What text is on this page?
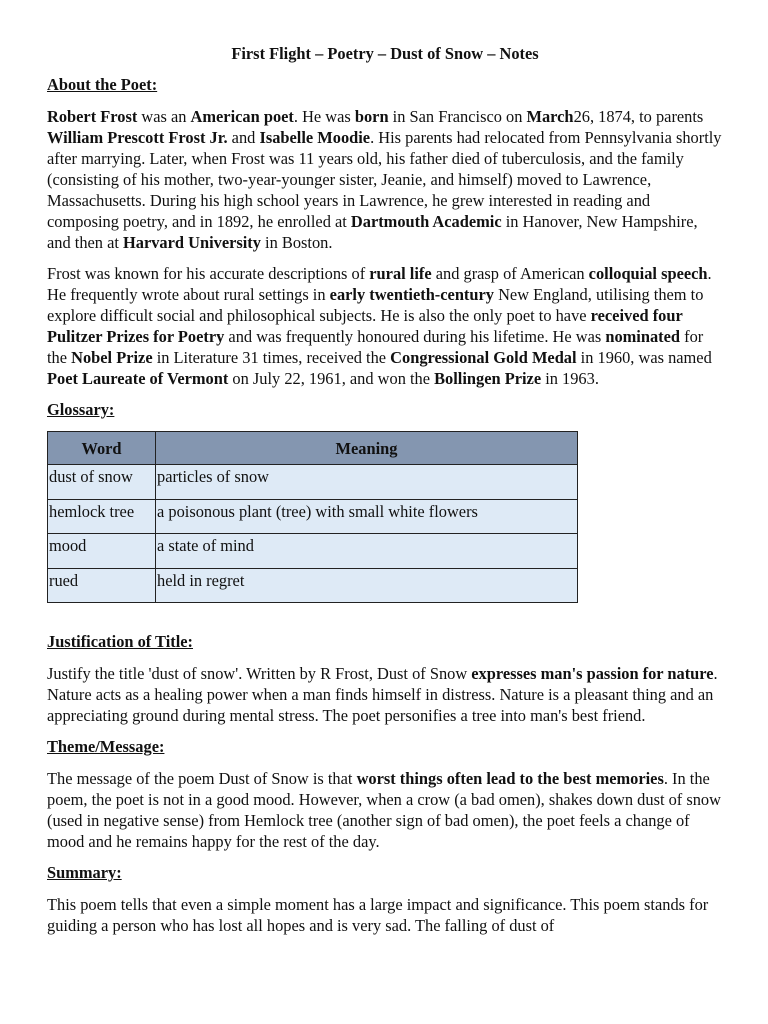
First Flight – Poetry – Dust of Snow – Notes
About the Poet:

Robert Frost was an American poet. He was born in San Francisco on March26, 1874, to parents William Prescott Frost Jr. and Isabelle Moodie. His parents had relocated from Pennsylvania shortly after marrying. Later, when Frost was 11 years old, his father died of tuberculosis, and the family (consisting of his mother, two-year-younger sister, Jeanie, and himself) moved to Lawrence, Massachusetts. During his high school years in Lawrence, he grew interested in reading and composing poetry, and in 1892, he enrolled at Dartmouth Academic in Hanover, New Hampshire, and then at Harvard University in Boston.

Frost was known for his accurate descriptions of rural life and grasp of American colloquial speech. He frequently wrote about rural settings in early twentieth-century New England, utilising them to explore difficult social and philosophical subjects. He is also the only poet to have received four Pulitzer Prizes for Poetry and was frequently honoured during his lifetime. He was nominated for the Nobel Prize in Literature 31 times, received the Congressional Gold Medal in 1960, was named Poet Laureate of Vermont on July 22, 1961, and won the Bollingen Prize in 1963.

Glossary:
Word	Meaning
dust of snow	particles of snow
hemlock tree	a poisonous plant (tree) with small white flowers
mood	a state of mind
rued	held in regret
Justification of Title:

Justify the title 'dust of snow'. Written by R Frost, Dust of Snow expresses man's passion for nature. Nature acts as a healing power when a man finds himself in distress. Nature is a pleasant thing and an appreciating ground during mental stress. The poet personifies a tree into man's best friend.

Theme/Message:

The message of the poem Dust of Snow is that worst things often lead to the best memories. In the poem, the poet is not in a good mood. However, when a crow (a bad omen), shakes down dust of snow (used in negative sense) from Hemlock tree (another sign of bad omen), the poet feels a change of mood and he remains happy for the rest of the day.

Summary:

This poem tells that even a simple moment has a large impact and significance. This poem stands for guiding a person who has lost all hopes and is very sad. The falling of dust of
